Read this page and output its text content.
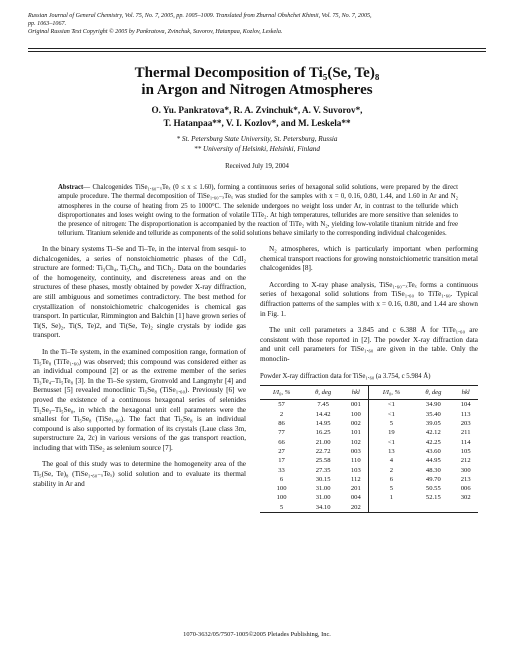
Russian Journal of General Chemistry, Vol. 75, No. 7, 2005, pp. 1005–1009. Translated from Zhurnal Obshchei Khimii, Vol. 75, No. 7, 2005,
pp. 1063–1067.
Original Russian Text Copyright © 2005 by Pankratova, Zvinchuk, Suvorov, Hatanpaa, Kozlov, Leskela.
Thermal Decomposition of Ti₅(Se, Te)₈
in Argon and Nitrogen Atmospheres
O. Yu. Pankratova*, R. A. Zvinchuk*, A. V. Suvorov*,
T. Hatanpaa**, V. I. Kozlov*, and M. Leskela**
* St. Petersburg State University, St. Petersburg, Russia
** University of Helsinki, Helsinki, Finland
Received July 19, 2004
Abstract— Chalcogenides TiSe₁.₆₀₋ₓTeₓ (0 ≤ x ≤ 1.60), forming a continuous series of hexagonal solid solutions, were prepared by the direct ampule procedure. The thermal decomposition of TiSe₁.₆₀₋ₓTeₓ was studied for the samples with x = 0, 0.16, 0.80, 1.44, and 1.60 in Ar and N₂ atmospheres in the course of heating from 25 to 1000°C. The selenide undergoes no weight loss under Ar, in contrast to the telluride which disproportionates and loses weight owing to the formation of volatile TiTe₂. At high temperatures, tellurides are more sensitive than selenides to the presence of nitrogen: The disproportionation is accompanied by the reaction of TiTe₂ with N₂, yielding low-volatile titanium nitride and free tellurium. Titanium selenide and telluride as components of the solid solutions behave similarly to the corresponding individual chalcogenides.

In the binary systems Ti–Se and Ti–Te, in the interval from sesqui- to dichalcogenides, a series of nonstoichiometric phases of the CdI₂ structure are formed: Ti₃Ch₄, Ti₅Ch₈, and TiCh₂. Data on the boundaries of the homogeneity, continuity, and discreteness areas and on the structures of these phases, mostly obtained by powder X-ray diffraction, are still ambiguous and sometimes contradictory. The best method for crystallization of nonstoichiometric chalcogenides is chemical gas transport. In particular, Rimmington and Balchin [1] have grown series of Ti(S, Se)₂, Ti(S, Te)2, and Ti(Se, Te)₂ single crystals by iodide gas transport.

In the Ti–Te system, in the examined composition range, formation of Ti₅Te₈ (TiTe₁.₆₀) was observed; this compound was considered either as an individual compound [2] or as the extreme member of the series Ti₃Te₄–Ti₅Te₈ [3]. In the Ti–Se system, Gronvold and Langmyhr [4] and Bernusset [5] revealed monoclinic Ti₅Se₈ (TiSe₁.₆₀). Previously [6] we proved the existence of a continuous hexagonal series of selenides Ti₂Se₃–Ti₅Se₈, in which the hexagonal unit cell parameters were the smallest for Ti₅Se₈ (TiSe₁.₆₀). The fact that Ti₅Se₈ is an individual compound is also supported by formation of its crystals (Laue class 3m, superstructure 2a, 2c) in various versions of the gas transport reaction, including that with TiSe₂ as selenium source [7].

The goal of this study was to determine the homogeneity area of the Ti₅(Se, Te)₈ (TiSe₁.₆₀₋ₓTeₓ) solid solution and to evaluate its thermal stability in Ar and

N₂ atmospheres, which is particularly important when performing chemical transport reactions for growing nonstoichiometric transition metal chalcogenides [8].

According to X-ray phase analysis, TiSe₁.₆₀₋ₓTeₓ forms a continuous series of hexagonal solid solutions from TiSe₁.₆₀ to TiTe₁.₆₀. Typical diffraction patterns of the samples with x = 0.16, 0.80, and 1.44 are shown in Fig. 1.

The unit cell parameters a 3.845 and c 6.388 Å for TiTe₁.₆₀ are consistent with those reported in [2]. The powder X-ray diffraction data and unit cell parameters for TiSe₁.₆₀ are given in the table. Only the monoclin-

Powder X-ray diffraction data for TiSe₁.₆₀ (a 3.754, c 5.984 Å)
I/I₀, %	θ, deg	hkl	I/I₀, %	θ, deg	hkl
57	7.45	001	<1	34.90	104
2	14.42	100	<1	35.40	113
86	14.95	002	5	39.05	203
77	16.25	101	19	42.12	211
66	21.00	102	<1	42.25	114
27	22.72	003	13	43.60	105
17	25.58	110	4	44.95	212
33	27.35	103	2	48.30	300
6	30.15	112	6	49.70	213
100	31.00	201	5	50.55	006
100	31.00	004	1	52.15	302
5	34.10	202			
1070-3632/05/7507-1005©2005 Pleiades Publishing, Inc.
